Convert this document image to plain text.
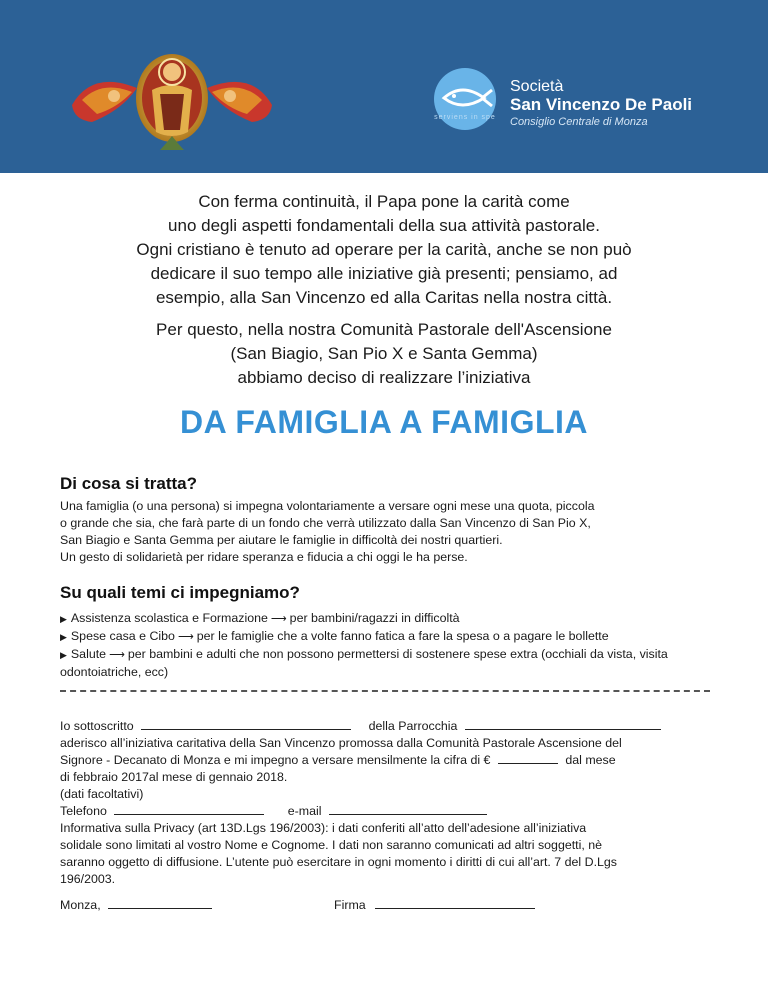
serviens in spe
Società
San Vincenzo De Paoli
Consiglio Centrale di Monza
Con ferma continuità, il Papa pone la carità come
uno degli aspetti fondamentali della sua attività pastorale.
Ogni cristiano è tenuto ad operare per la carità, anche se non può
dedicare il suo tempo alle iniziative già presenti; pensiamo, ad
esempio, alla San Vincenzo ed alla Caritas nella nostra città.
Per questo, nella nostra Comunità Pastorale dell'Ascensione
(San Biagio, San Pio X e Santa Gemma)
abbiamo deciso di realizzare l’iniziativa
DA FAMIGLIA A FAMIGLIA
Di cosa si tratta?
Una famiglia (o una persona) si impegna volontariamente a versare ogni mese una quota, piccola
o grande che sia, che farà parte di un fondo che verrà utilizzato dalla San Vincenzo di San Pio X,
San Biagio e Santa Gemma per aiutare le famiglie in difficoltà dei nostri quartieri.
Un gesto di solidarietà per ridare speranza e fiducia a chi oggi le ha perse.
Su quali temi ci impegniamo?
▶ Assistenza scolastica e Formazione ⟶ per bambini/ragazzi in difficoltà
▶ Spese casa e Cibo ⟶ per le famiglie che a volte fanno fatica a fare la spesa o a pagare le bollette
▶ Salute ⟶ per bambini e adulti che non possono permettersi di sostenere spese extra (occhiali da vista, visita odontoiatriche, ecc)
Io sottoscritto	della Parrocchia
aderisco all’iniziativa caritativa della San Vincenzo promossa dalla Comunità Pastorale Ascensione del
Signore - Decanato di Monza e mi impegno a versare mensilmente la cifra di €	dal mese
di febbraio 2017al mese di gennaio 2018.
(dati facoltativi)
Telefono	e-mail
Informativa sulla Privacy (art 13D.Lgs 196/2003): i dati conferiti all’atto dell’adesione all’iniziativa
solidale sono limitati al vostro Nome e Cognome. I dati non saranno comunicati ad altri soggetti, nè
saranno oggetto di diffusione. L’utente può esercitare in ogni momento i diritti di cui all’art. 7 del D.Lgs
196/2003.
Monza,	Firma
